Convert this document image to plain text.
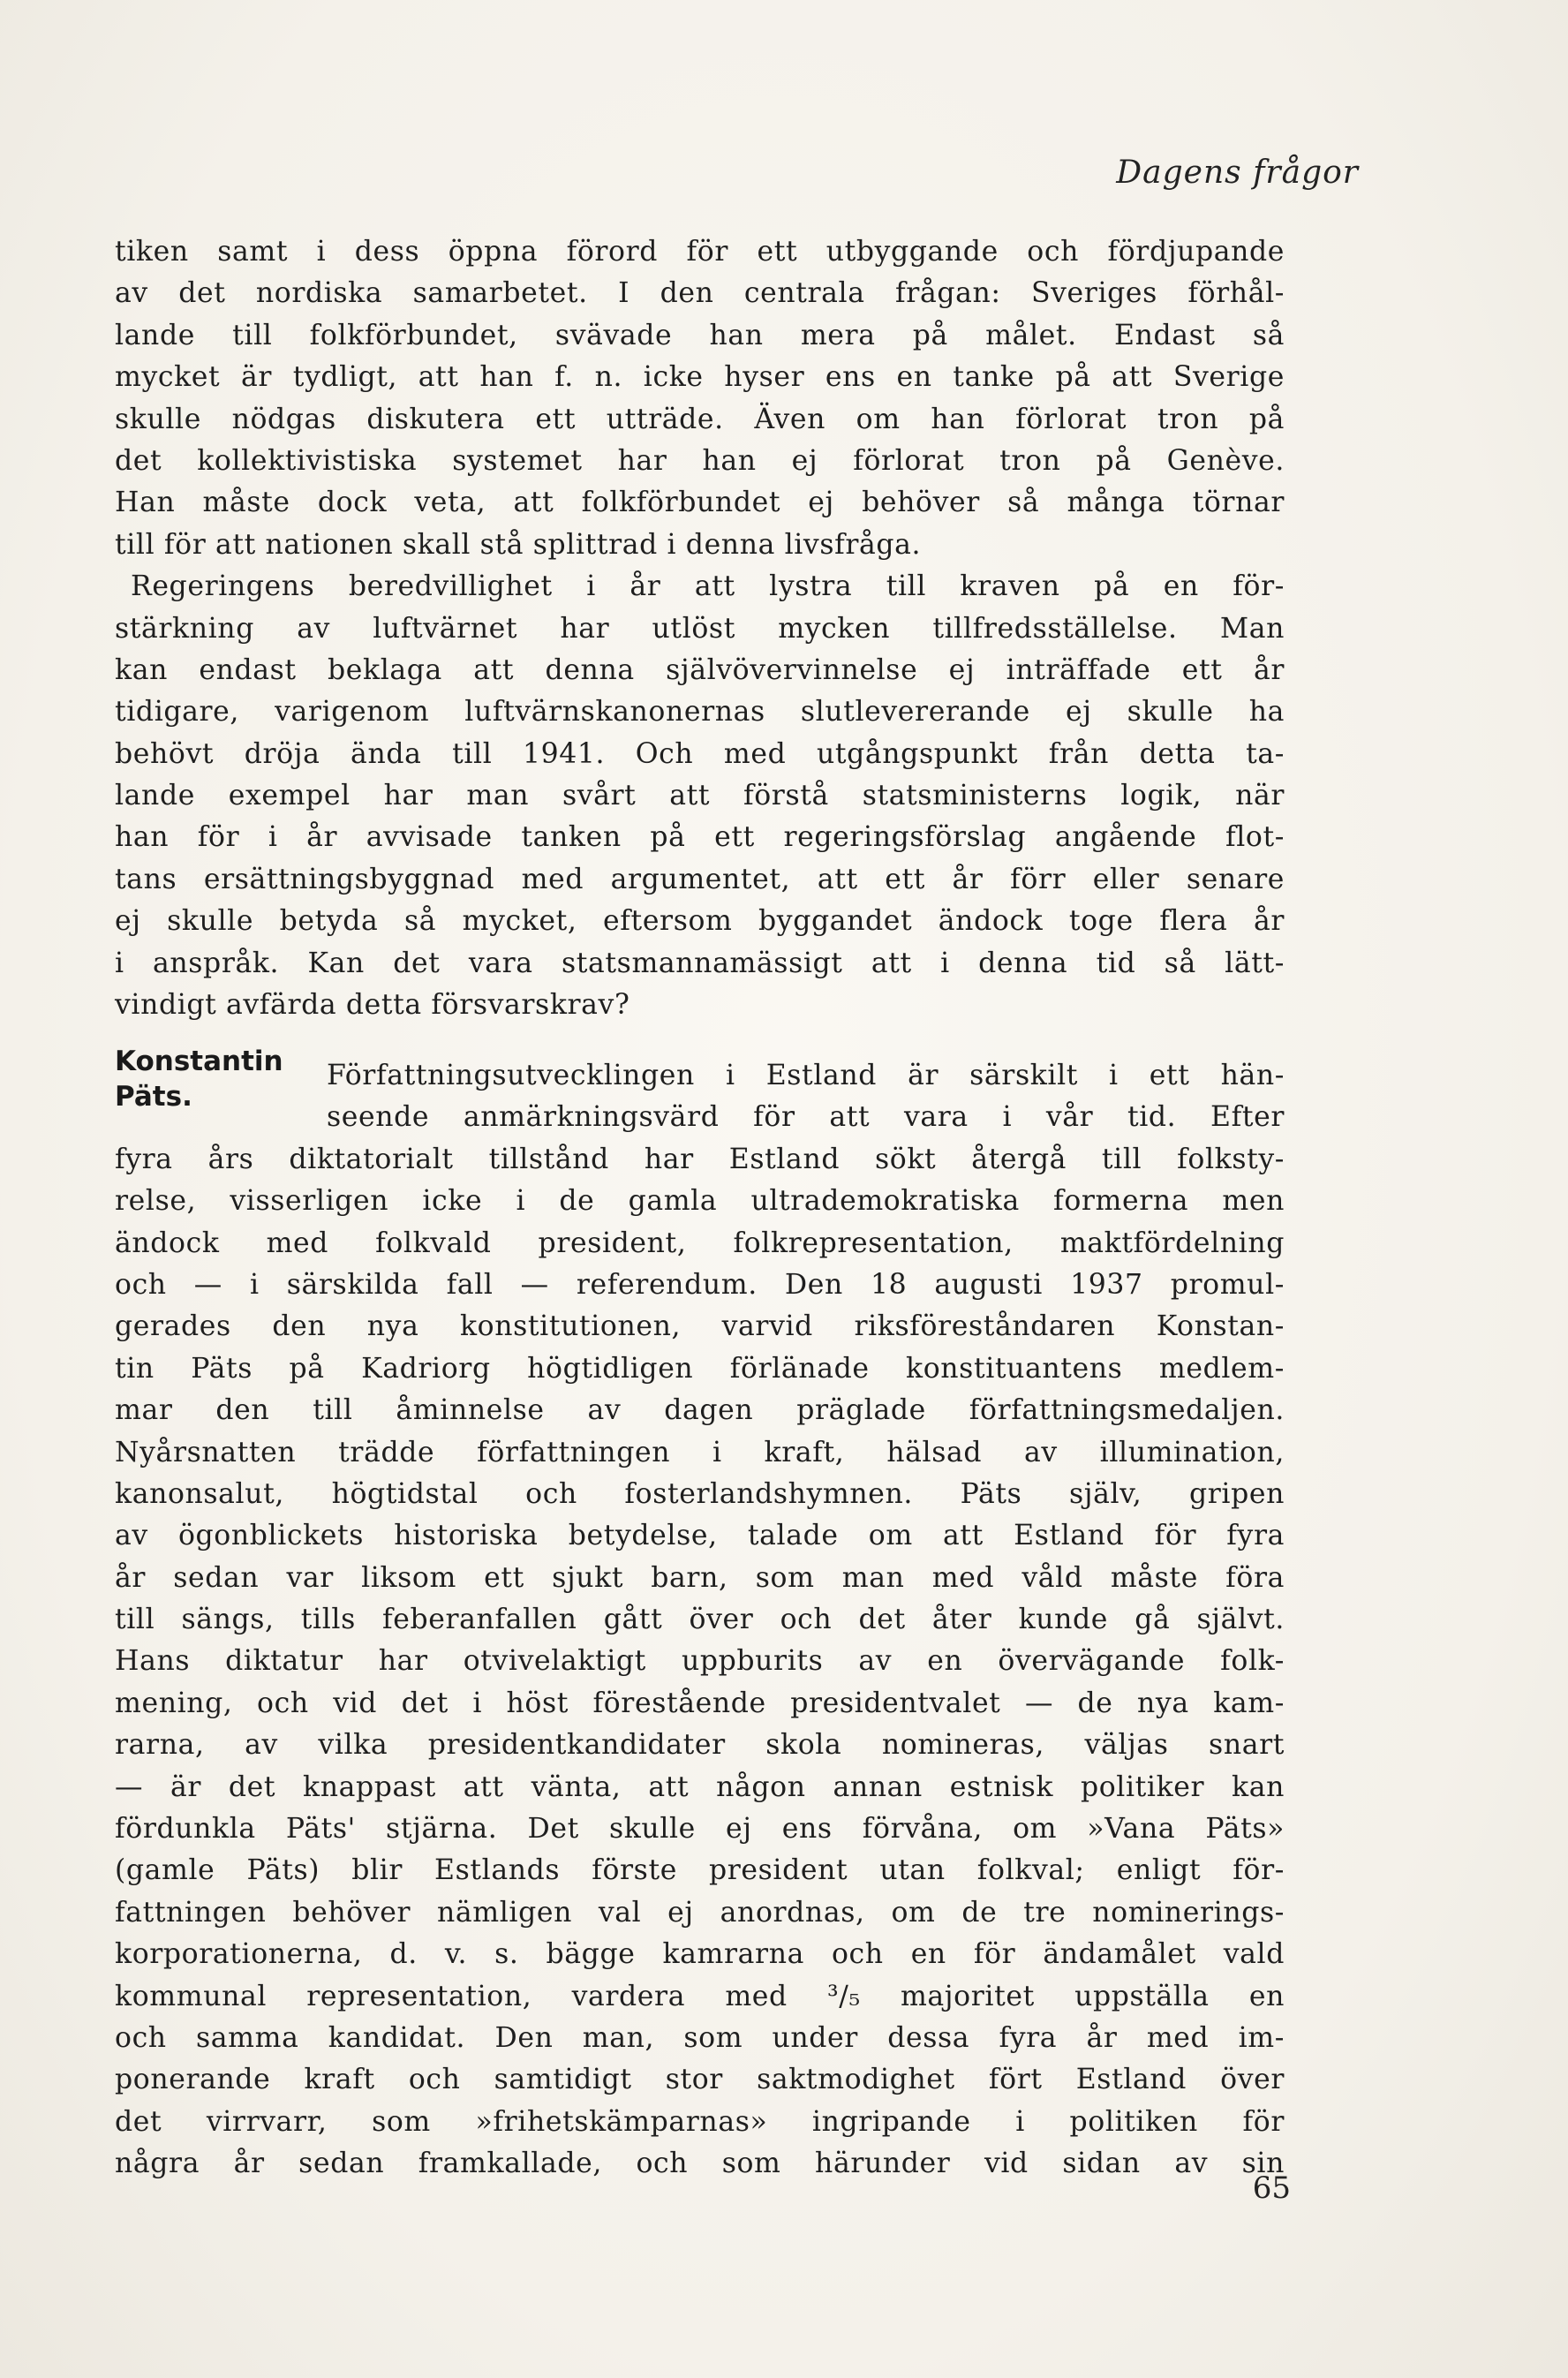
Dagens frågor
tiken samt i dess öppna förord för ett utbyggande och fördjupande
av det nordiska samarbetet. I den centrala frågan: Sveriges förhål-
lande till folkförbundet, svävade han mera på målet. Endast så
mycket är tydligt, att han f. n. icke hyser ens en tanke på att Sverige
skulle nödgas diskutera ett utträde. Även om han förlorat tron på
det kollektivistiska systemet har han ej förlorat tron på Genève.
Han måste dock veta, att folkförbundet ej behöver så många törnar
till för att nationen skall stå splittrad i denna livsfråga.
Regeringens beredvillighet i år att lystra till kraven på en för-
stärkning av luftvärnet har utlöst mycken tillfredsställelse. Man
kan endast beklaga att denna självövervinnelse ej inträffade ett år
tidigare, varigenom luftvärnskanonernas slutlevererande ej skulle ha
behövt dröja ända till 1941. Och med utgångspunkt från detta ta-
lande exempel har man svårt att förstå statsministerns logik, när
han för i år avvisade tanken på ett regeringsförslag angående flot-
tans ersättningsbyggnad med argumentet, att ett år förr eller senare
ej skulle betyda så mycket, eftersom byggandet ändock toge flera år
i anspråk. Kan det vara statsmannamässigt att i denna tid så lätt-
vindigt avfärda detta försvarskrav?
Konstantin
Päts.
Författningsutvecklingen i Estland är särskilt i ett hän-
seende anmärkningsvärd för att vara i vår tid. Efter
fyra års diktatorialt tillstånd har Estland sökt återgå till folksty-
relse, visserligen icke i de gamla ultrademokratiska formerna men
ändock med folkvald president, folkrepresentation, maktfördelning
och — i särskilda fall — referendum. Den 18 augusti 1937 promul-
gerades den nya konstitutionen, varvid riksföreståndaren Konstan-
tin Päts på Kadriorg högtidligen förlänade konstituantens medlem-
mar den till åminnelse av dagen präglade författningsmedaljen.
Nyårsnatten trädde författningen i kraft, hälsad av illumination,
kanonsalut, högtidstal och fosterlandshymnen. Päts själv, gripen
av ögonblickets historiska betydelse, talade om att Estland för fyra
år sedan var liksom ett sjukt barn, som man med våld måste föra
till sängs, tills feberanfallen gått över och det åter kunde gå självt.
Hans diktatur har otvivelaktigt uppburits av en övervägande folk-
mening, och vid det i höst förestående presidentvalet — de nya kam-
rarna, av vilka presidentkandidater skola nomineras, väljas snart
— är det knappast att vänta, att någon annan estnisk politiker kan
fördunkla Päts' stjärna. Det skulle ej ens förvåna, om »Vana Päts»
(gamle Päts) blir Estlands förste president utan folkval; enligt för-
fattningen behöver nämligen val ej anordnas, om de tre nominerings-
korporationerna, d. v. s. bägge kamrarna och en för ändamålet vald
kommunal representation, vardera med ³/₅ majoritet uppställa en
och samma kandidat. Den man, som under dessa fyra år med im-
ponerande kraft och samtidigt stor saktmodighet fört Estland över
det virrvarr, som »frihetskämparnas» ingripande i politiken för
några år sedan framkallade, och som härunder vid sidan av sin
65
